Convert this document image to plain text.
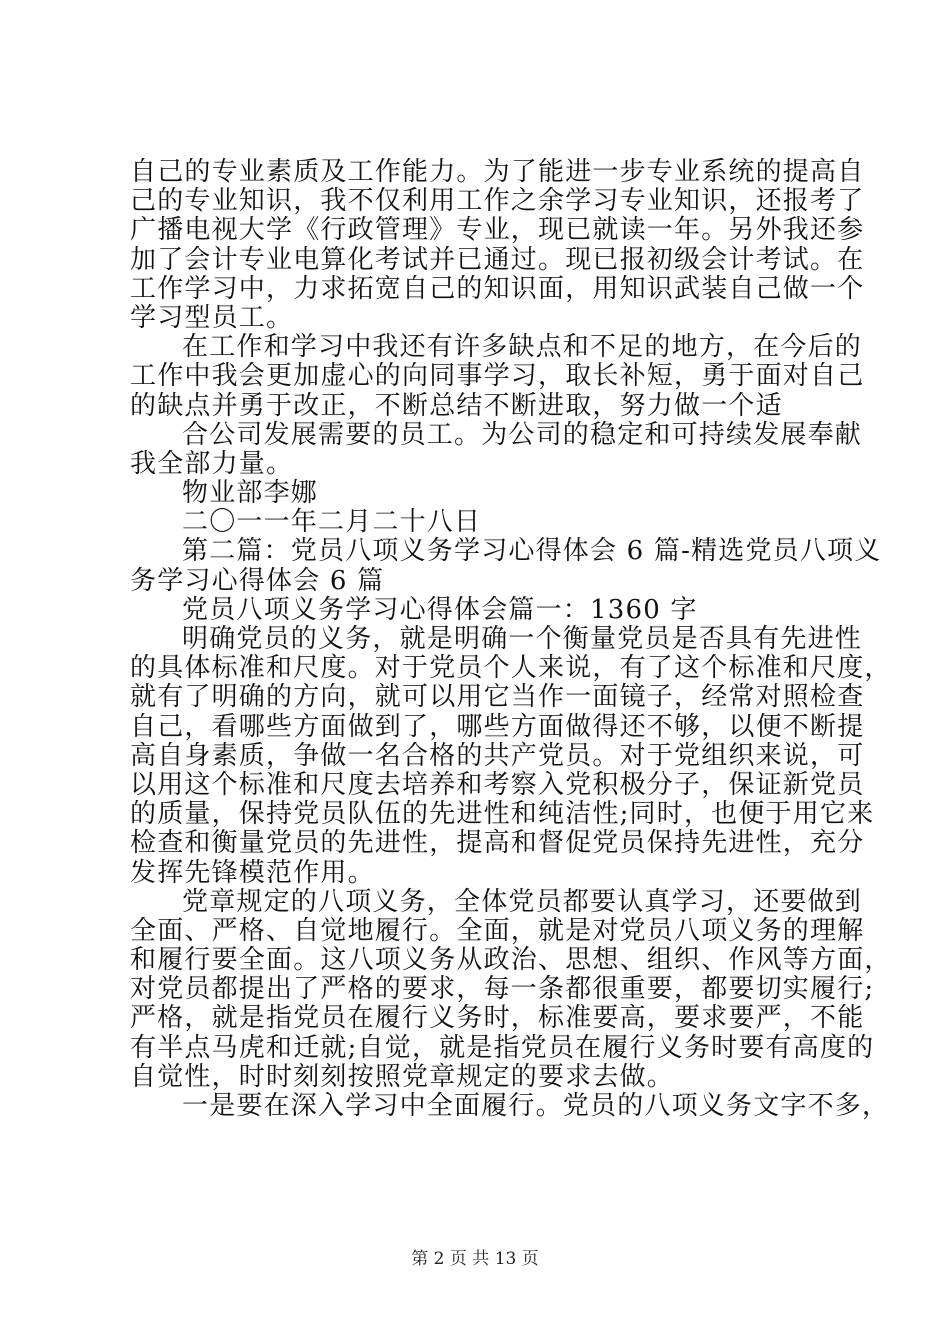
自己的专业素质及工作能力。为了能进一步专业系统的提高自
己的专业知识，我不仅利用工作之余学习专业知识，还报考了
广播电视大学《行政管理》专业，现已就读一年。另外我还参
加了会计专业电算化考试并已通过。现已报初级会计考试。在
工作学习中，力求拓宽自己的知识面，用知识武装自己做一个
学习型员工。
在工作和学习中我还有许多缺点和不足的地方，在今后的
工作中我会更加虚心的向同事学习，取长补短，勇于面对自己
的缺点并勇于改正，不断总结不断进取，努力做一个适
合公司发展需要的员工。为公司的稳定和可持续发展奉献
我全部力量。
物业部李娜
二〇一一年二月二十八日
第二篇：党员八项义务学习心得体会 6 篇-精选党员八项义
务学习心得体会 6 篇
党员八项义务学习心得体会篇一：1360 字
明确党员的义务，就是明确一个衡量党员是否具有先进性
的具体标准和尺度。对于党员个人来说，有了这个标准和尺度，
就有了明确的方向，就可以用它当作一面镜子，经常对照检查
自己，看哪些方面做到了，哪些方面做得还不够，以便不断提
高自身素质，争做一名合格的共产党员。对于党组织来说，可
以用这个标准和尺度去培养和考察入党积极分子，保证新党员
的质量，保持党员队伍的先进性和纯洁性;同时，也便于用它来
检查和衡量党员的先进性，提高和督促党员保持先进性，充分
发挥先锋模范作用。
党章规定的八项义务，全体党员都要认真学习，还要做到
全面、严格、自觉地履行。全面，就是对党员八项义务的理解
和履行要全面。这八项义务从政治、思想、组织、作风等方面，
对党员都提出了严格的要求，每一条都很重要，都要切实履行;
严格，就是指党员在履行义务时，标准要高，要求要严，不能
有半点马虎和迁就;自觉，就是指党员在履行义务时要有高度的
自觉性，时时刻刻按照党章规定的要求去做。
一是要在深入学习中全面履行。党员的八项义务文字不多，
第 2 页 共 13 页
